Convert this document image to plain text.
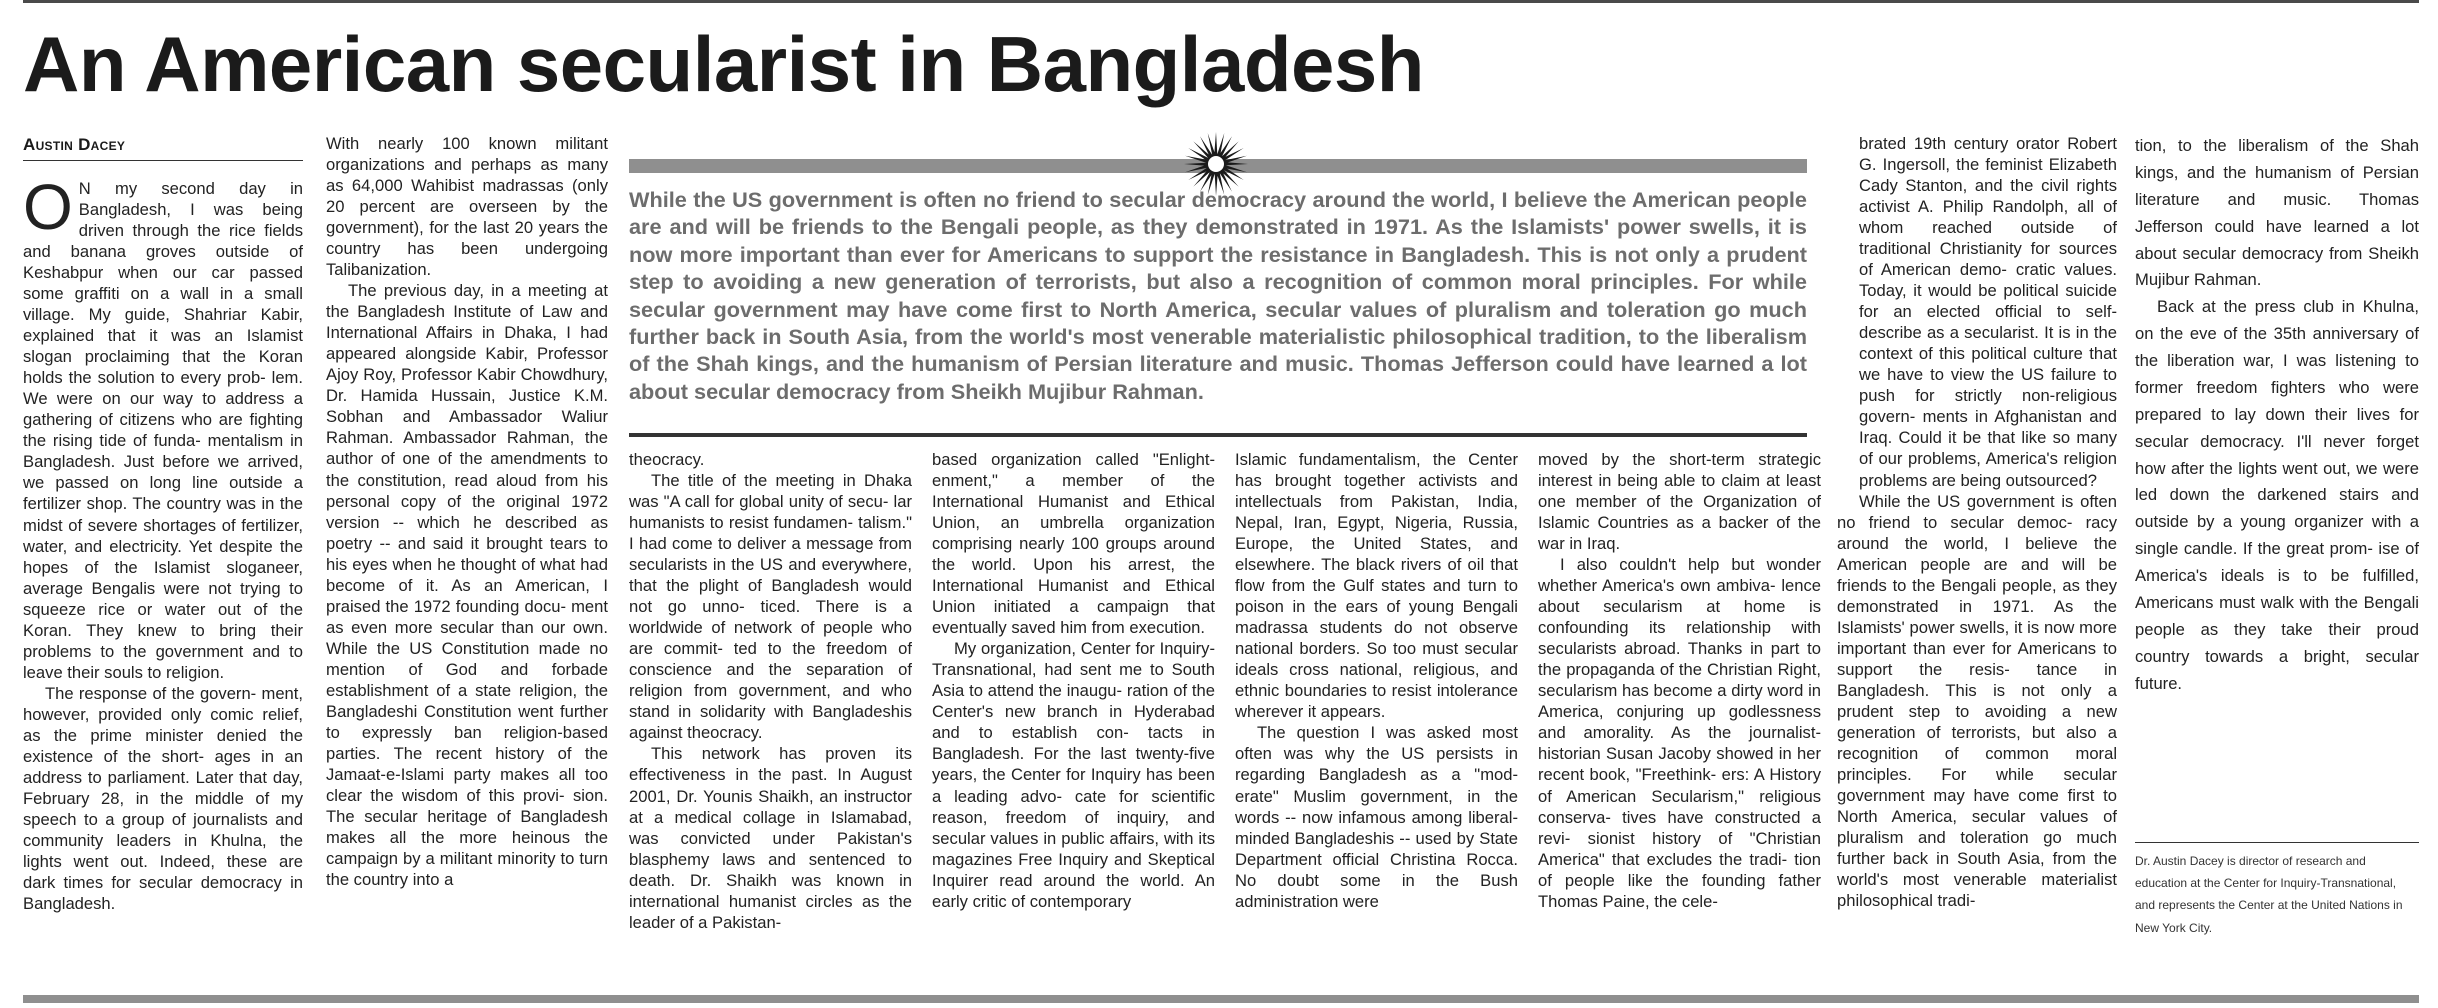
An American secularist in Bangladesh
Austin Dacey
O N my second day in Bangladesh, I was being driven through the rice fields and banana groves outside of Keshabpur when our car passed some graffiti on a wall in a small village. My guide, Shahriar Kabir, explained that it was an Islamist slogan proclaiming that the Koran holds the solution to every prob- lem. We were on our way to address a gathering of citizens who are fighting the rising tide of funda- mentalism in Bangladesh. Just before we arrived, we passed on long line outside a fertilizer shop. The country was in the midst of severe shortages of fertilizer, water, and electricity. Yet despite the hopes of the Islamist sloganeer, average Bengalis were not trying to squeeze rice or water out of the Koran. They knew to bring their problems to the government and to leave their souls to religion.

The response of the govern- ment, however, provided only comic relief, as the prime minister denied the existence of the short- ages in an address to parliament. Later that day, February 28, in the middle of my speech to a group of journalists and community leaders in Khulna, the lights went out. Indeed, these are dark times for secular democracy in Bangladesh.

With nearly 100 known militant organizations and perhaps as many as 64,000 Wahibist madrassas (only 20 percent are overseen by the government), for the last 20 years the country has been undergoing Talibanization.

The previous day, in a meeting at the Bangladesh Institute of Law and International Affairs in Dhaka, I had appeared alongside Kabir, Professor Ajoy Roy, Professor Kabir Chowdhury, Dr. Hamida Hussain, Justice K.M. Sobhan and Ambassador Waliur Rahman. Ambassador Rahman, the author of one of the amendments to the constitution, read aloud from his personal copy of the original 1972 version -- which he described as poetry -- and said it brought tears to his eyes when he thought of what had become of it. As an American, I praised the 1972 founding docu- ment as even more secular than our own. While the US Constitution made no mention of God and forbade establishment of a state religion, the Bangladeshi Constitution went further to expressly ban religion-based parties. The recent history of the Jamaat-e-Islami party makes all too clear the wisdom of this provi- sion. The secular heritage of Bangladesh makes all the more heinous the campaign by a militant minority to turn the country into a

While the US government is often no friend to secular democracy around the world, I believe the American people are and will be friends to the Bengali people, as they demonstrated in 1971. As the Islamists' power swells, it is now more important than ever for Americans to support the resistance in Bangladesh. This is not only a prudent step to avoiding a new generation of terrorists, but also a recognition of common moral principles. For while secular government may have come first to North America, secular values of pluralism and toleration go much further back in South Asia, from the world's most venerable materialistic philosophical tradition, to the liberalism of the Shah kings, and the humanism of Persian literature and music. Thomas Jefferson could have learned a lot about secular democracy from Sheikh Mujibur Rahman.

theocracy.

The title of the meeting in Dhaka was "A call for global unity of secu- lar humanists to resist fundamen- talism." I had come to deliver a message from secularists in the US and everywhere, that the plight of Bangladesh would not go unno- ticed. There is a worldwide of network of people who are commit- ted to the freedom of conscience and the separation of religion from government, and who stand in solidarity with Bangladeshis against theocracy.

This network has proven its effectiveness in the past. In August 2001, Dr. Younis Shaikh, an instructor at a medical collage in Islamabad, was convicted under Pakistan's blasphemy laws and sentenced to death. Dr. Shaikh was known in international humanist circles as the leader of a Pakistan-

based organization called "Enlight- enment," a member of the International Humanist and Ethical Union, an umbrella organization comprising nearly 100 groups around the world. Upon his arrest, the International Humanist and Ethical Union initiated a campaign that eventually saved him from execution.

My organization, Center for Inquiry-Transnational, had sent me to South Asia to attend the inaugu- ration of the Center's new branch in Hyderabad and to establish con- tacts in Bangladesh. For the last twenty-five years, the Center for Inquiry has been a leading advo- cate for scientific reason, freedom of inquiry, and secular values in public affairs, with its magazines Free Inquiry and Skeptical Inquirer read around the world. An early critic of contemporary

Islamic fundamentalism, the Center has brought together activists and intellectuals from Pakistan, India, Nepal, Iran, Egypt, Nigeria, Russia, Europe, the United States, and elsewhere. The black rivers of oil that flow from the Gulf states and turn to poison in the ears of young Bengali madrassa students do not observe national borders. So too must secular ideals cross national, religious, and ethnic boundaries to resist intolerance wherever it appears.

The question I was asked most often was why the US persists in regarding Bangladesh as a "mod- erate" Muslim government, in the words -- now infamous among liberal-minded Bangladeshis -- used by State Department official Christina Rocca. No doubt some in the Bush administration were

moved by the short-term strategic interest in being able to claim at least one member of the Organization of Islamic Countries as a backer of the war in Iraq.

I also couldn't help but wonder whether America's own ambiva- lence about secularism at home is confounding its relationship with secularists abroad. Thanks in part to the propaganda of the Christian Right, secularism has become a dirty word in America, conjuring up godlessness and amorality. As the journalist- historian Susan Jacoby showed in her recent book, "Freethink- ers: A History of American Secularism," religious conserva- tives have constructed a revi- sionist history of "Christian America" that excludes the tradi- tion of people like the founding father Thomas Paine, the cele-

brated 19th century orator Robert G. Ingersoll, the feminist Elizabeth Cady Stanton, and the civil rights activist A. Philip Randolph, all of whom reached outside of traditional Christianity for sources of American demo- cratic values. Today, it would be political suicide for an elected official to self-describe as a secularist. It is in the context of this political culture that we have to view the US failure to push for strictly non-religious govern- ments in Afghanistan and Iraq. Could it be that like so many of our problems, America's religion problems are being outsourced?

While the US government is often no friend to secular democ- racy around the world, I believe the American people are and will be friends to the Bengali people, as they demonstrated in 1971. As the Islamists' power swells, it is now more important than ever for Americans to support the resis- tance in Bangladesh. This is not only a prudent step to avoiding a new generation of terrorists, but also a recognition of common moral principles. For while secular government may have come first to North America, secular values of pluralism and toleration go much further back in South Asia, from the world's most venerable materialist philosophical tradi-

tion, to the liberalism of the Shah kings, and the humanism of Persian literature and music. Thomas Jefferson could have learned a lot about secular democracy from Sheikh Mujibur Rahman.

Back at the press club in Khulna, on the eve of the 35th anniversary of the liberation war, I was listening to former freedom fighters who were prepared to lay down their lives for secular democracy. I'll never forget how after the lights went out, we were led down the darkened stairs and outside by a young organizer with a single candle. If the great prom- ise of America's ideals is to be fulfilled, Americans must walk with the Bengali people as they take their proud country towards a bright, secular future.

Dr. Austin Dacey is director of research and education at the Center for Inquiry-Transnational, and represents the Center at the United Nations in New York City.
